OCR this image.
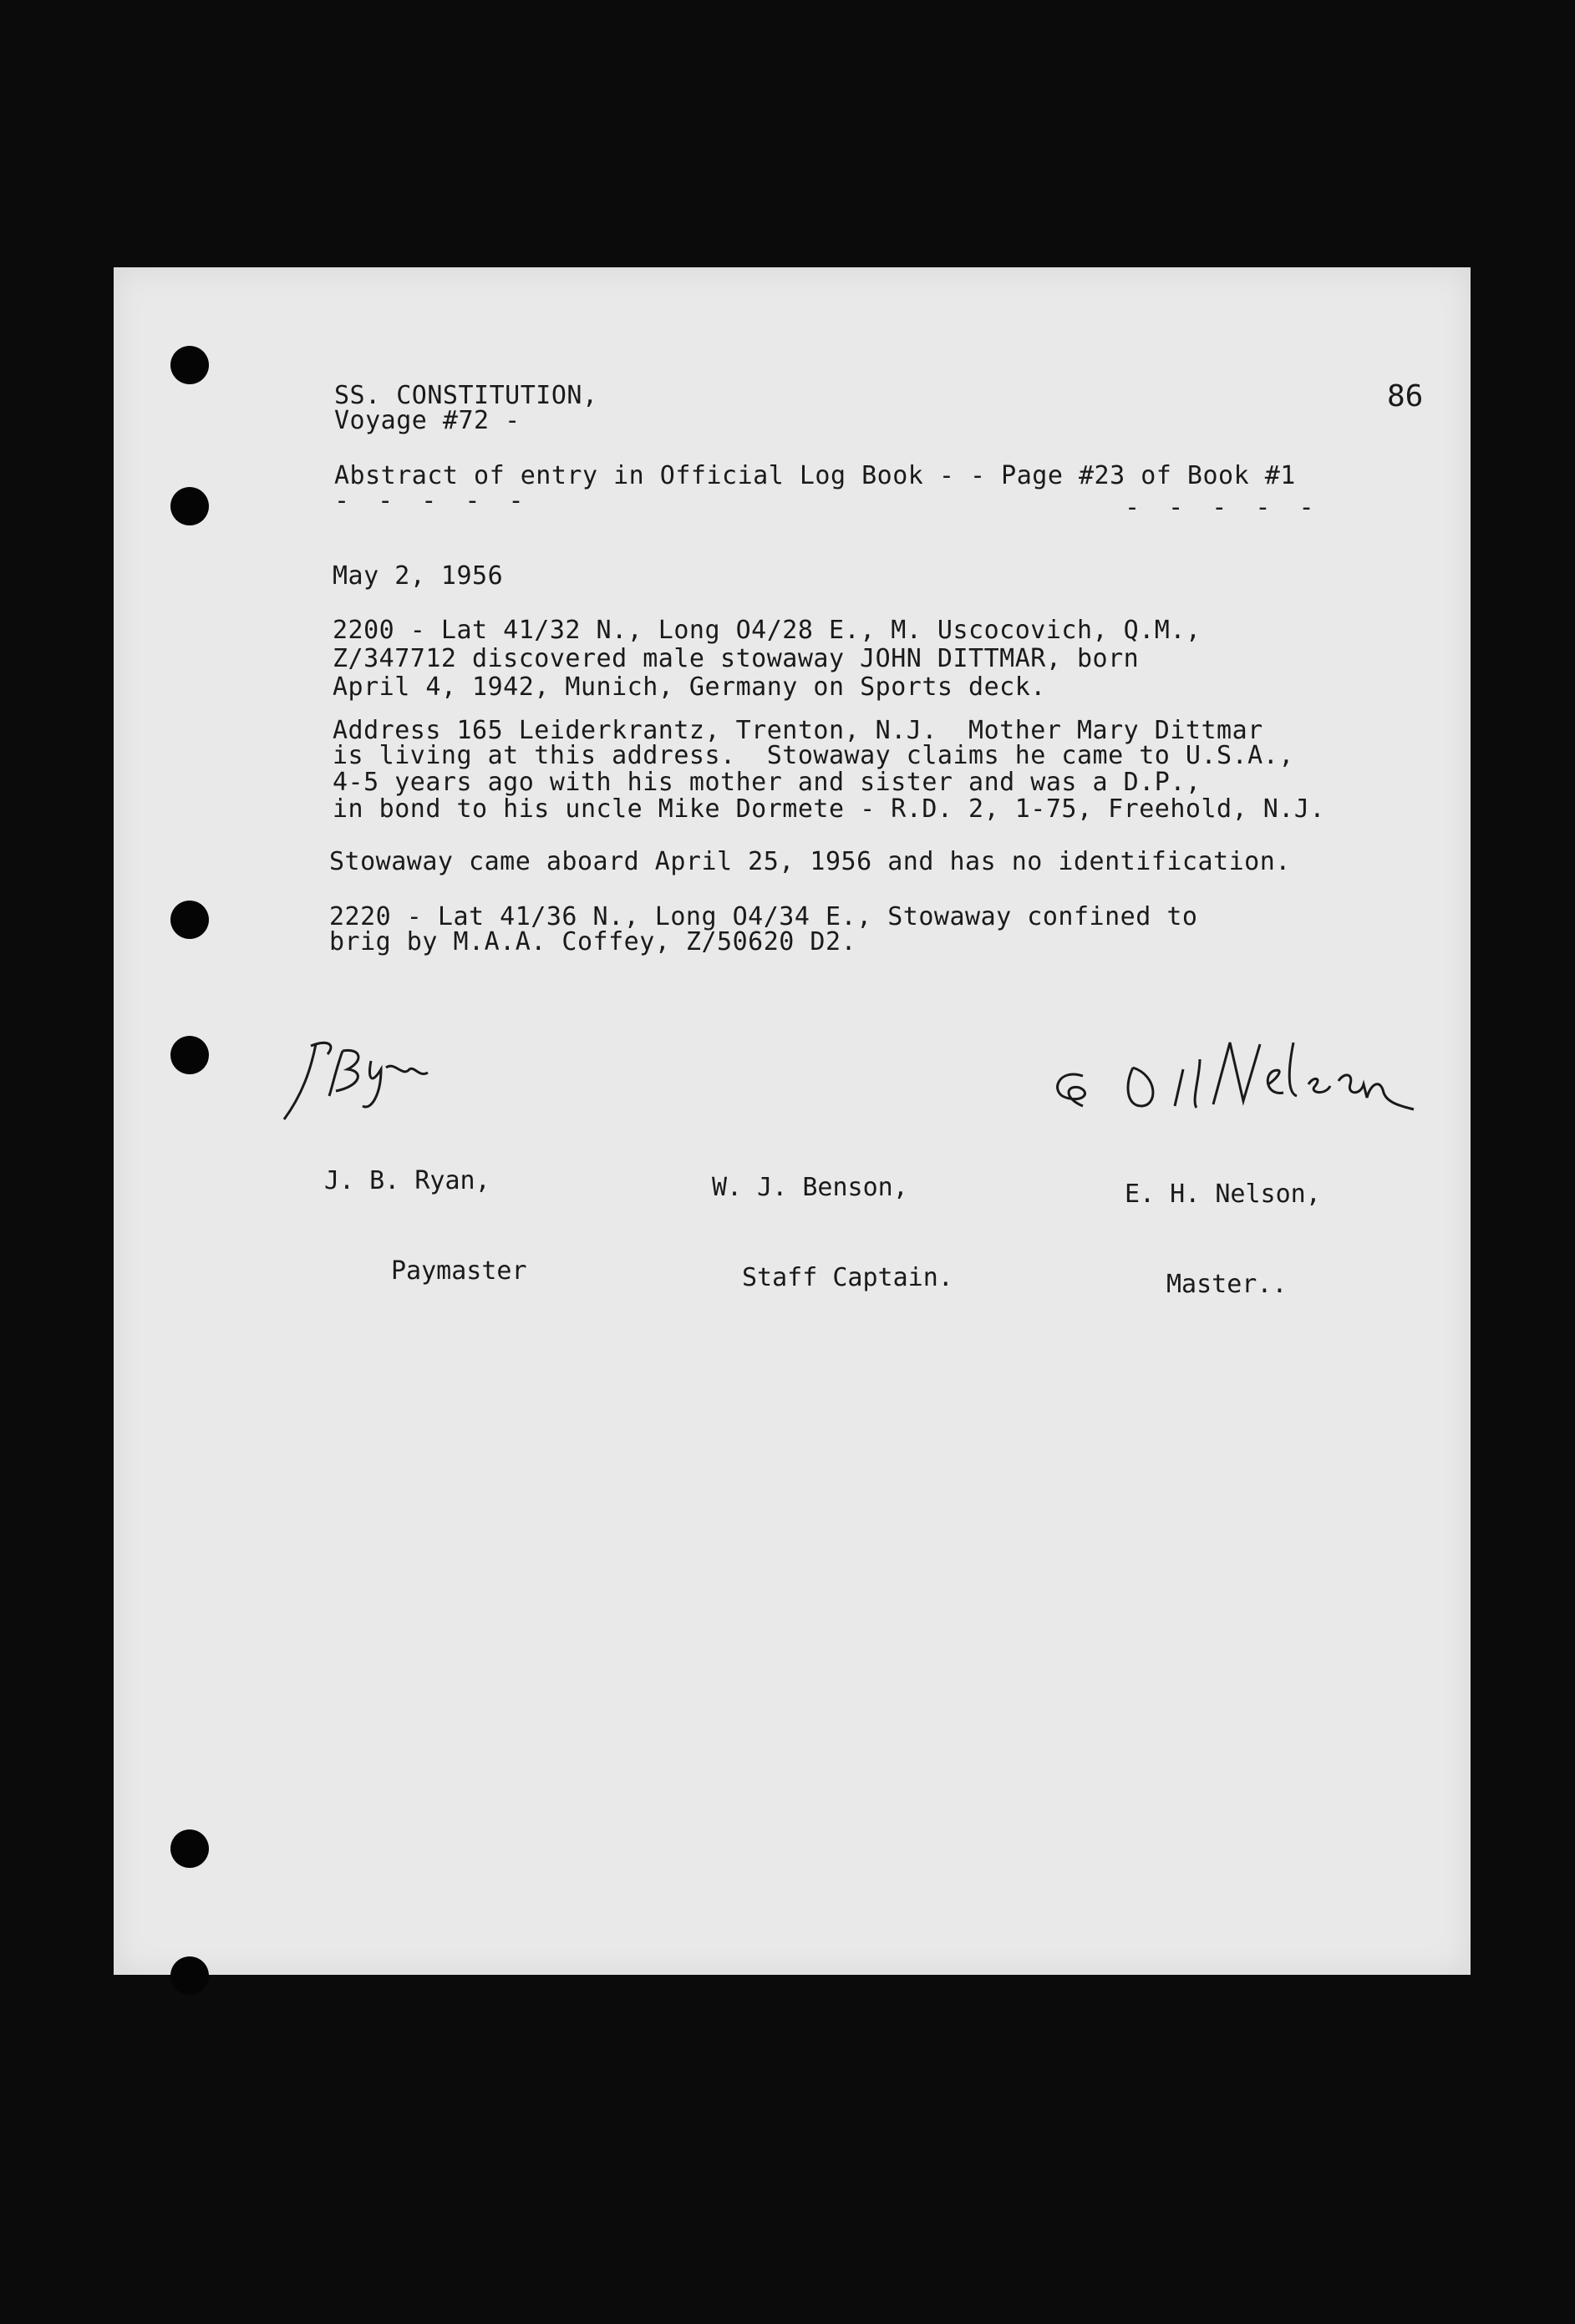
SS. CONSTITUTION,
Voyage #72 -
86
Abstract of entry in Official Log Book - - Page #23 of Book #1
- - - - -	- - - - -
May 2, 1956

2200 - Lat 41/32 N., Long O4/28 E., M. Uscocovich, Q.M.,

Z/347712 discovered male stowaway JOHN DITTMAR, born

April 4, 1942, Munich, Germany on Sports deck.

Address 165 Leiderkrantz, Trenton, N.J.  Mother Mary Dittmar

is living at this address.  Stowaway claims he came to U.S.A.,

4-5 years ago with his mother and sister and was a D.P.,

in bond to his uncle Mike Dormete - R.D. 2, 1-75, Freehold, N.J.

Stowaway came aboard April 25, 1956 and has no identification.

2220 - Lat 41/36 N., Long O4/34 E., Stowaway confined to

brig by M.A.A. Coffey, Z/50620 D2.

J. B. Ryan,

Paymaster

W. J. Benson,

Staff Captain.

E. H. Nelson,

Master..
